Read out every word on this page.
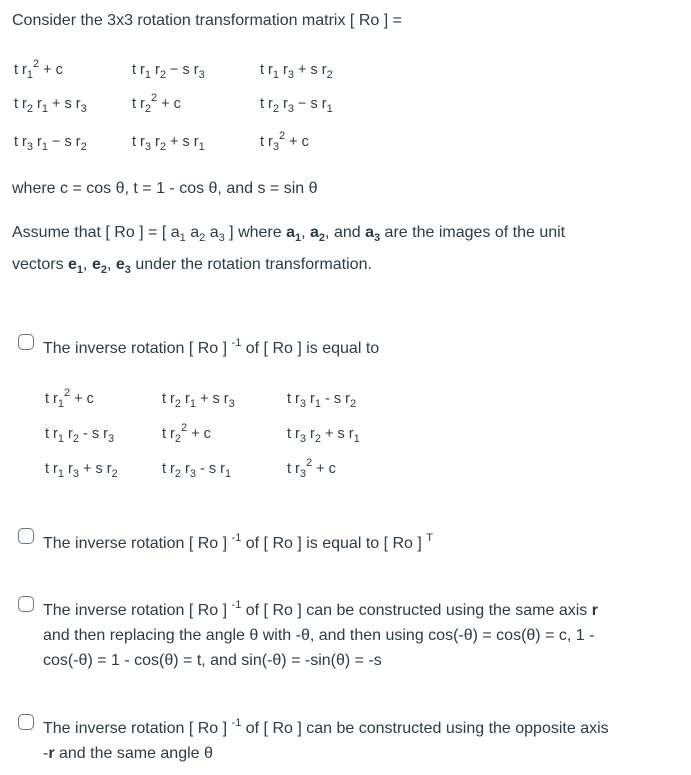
Consider the 3x3 rotation transformation matrix [ Ro ] =
t $r_1^2 + c$	t $r_1$ $r_2 - s$ $r_3$	t $r_1$ $r_3 + s$ $r_2$
t $r_2$ $r_1 + s$ $r_3$	t $r_2^2 + c$	t $r_2$ $r_3 - s$ $r_1$
t $r_3$ $r_1 - s$ $r_2$	t $r_3$ $r_2 + s$ $r_1$	t $r_3^2 + c$
where c = cos θ, t = 1 - cos θ, and s = sin θ
Assume that [ Ro ] = [ $a_1$ $a_2$ $a_3$ ] where $a_1$, $a_2$, and $a_3$ are the images of the unit
vectors $e_1$, $e_2$, $e_3$ under the rotation transformation.
The inverse rotation [ Ro ] $^{-1}$ of [ Ro ] is equal to
t $r_1^2 + c$	t $r_2$ $r_1 + s$ $r_3$	t $r_3$ $r_1$ - s $r_2$
t $r_1$ $r_2$ - s $r_3$	t $r_2^2 + c$	t $r_3$ $r_2 + s$ $r_1$
t $r_1$ $r_3 + s$ $r_2$	t $r_2$ $r_3$ - s $r_1$	t $r_3^2 + c$
The inverse rotation [ Ro ] $^{-1}$ of [ Ro ] is equal to [ Ro ] $^T$
The inverse rotation [ Ro ] $^{-1}$ of [ Ro ] can be constructed using the same axis r
and then replacing the angle θ with -θ, and then using cos(-θ) = cos(θ) = c, 1 -
cos(-θ) = 1 - cos(θ) = t, and sin(-θ) = -sin(θ) = -s
The inverse rotation [ Ro ] $^{-1}$ of [ Ro ] can be constructed using the opposite axis
-r and the same angle θ
